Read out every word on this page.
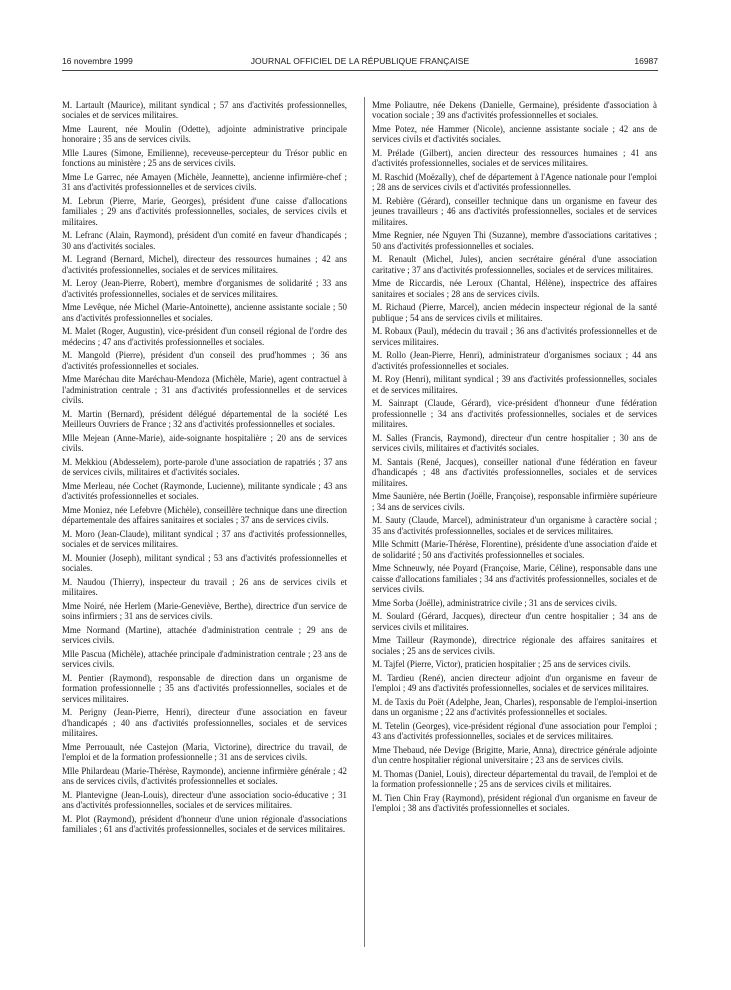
16 novembre 1999	JOURNAL OFFICIEL DE LA RÉPUBLIQUE FRANÇAISE	16987
M. Lartault (Maurice), militant syndical ; 57 ans d'activités professionnelles, sociales et de services militaires.
Mme Laurent, née Moulin (Odette), adjointe administrative principale honoraire ; 35 ans de services civils.
Mlle Laures (Simone, Emilienne), receveuse-percepteur du Trésor public en fonctions au ministère ; 25 ans de services civils.
Mme Le Garrec, née Amayen (Michèle, Jeannette), ancienne infirmière-chef ; 31 ans d'activités professionnelles et de services civils.
M. Lebrun (Pierre, Marie, Georges), président d'une caisse d'allocations familiales ; 29 ans d'activités professionnelles, sociales, de services civils et militaires.
M. Lefranc (Alain, Raymond), président d'un comité en faveur d'handicapés ; 30 ans d'activités sociales.
M. Legrand (Bernard, Michel), directeur des ressources humaines ; 42 ans d'activités professionnelles, sociales et de services militaires.
M. Leroy (Jean-Pierre, Robert), membre d'organismes de solidarité ; 33 ans d'activités professionnelles, sociales et de services militaires.
Mme Levêque, née Michel (Marie-Antoinette), ancienne assistante sociale ; 50 ans d'activités professionnelles et sociales.
M. Malet (Roger, Augustin), vice-président d'un conseil régional de l'ordre des médecins ; 47 ans d'activités professionnelles et sociales.
M. Mangold (Pierre), président d'un conseil des prud'hommes ; 36 ans d'activités professionnelles et sociales.
Mme Maréchau dite Maréchau-Mendoza (Michèle, Marie), agent contractuel à l'administration centrale ; 31 ans d'activités professionnelles et de services civils.
M. Martin (Bernard), président délégué départemental de la société Les Meilleurs Ouvriers de France ; 32 ans d'activités professionnelles et sociales.
Mlle Mejean (Anne-Marie), aide-soignante hospitalière ; 20 ans de services civils.
M. Mekkiou (Abdesselem), porte-parole d'une association de rapatriés ; 37 ans de services civils, militaires et d'activités sociales.
Mme Merleau, née Cochet (Raymonde, Lucienne), militante syndicale ; 43 ans d'activités professionnelles et sociales.
Mme Moniez, née Lefebvre (Michèle), conseillère technique dans une direction départementale des affaires sanitaires et sociales ; 37 ans de services civils.
M. Moro (Jean-Claude), militant syndical ; 37 ans d'activités professionnelles, sociales et de services militaires.
M. Mounier (Joseph), militant syndical ; 53 ans d'activités professionnelles et sociales.
M. Naudou (Thierry), inspecteur du travail ; 26 ans de services civils et militaires.
Mme Noiré, née Herlem (Marie-Geneviève, Berthe), directrice d'un service de soins infirmiers ; 31 ans de services civils.
Mme Normand (Martine), attachée d'administration centrale ; 29 ans de services civils.
Mlle Pascua (Michèle), attachée principale d'administration centrale ; 23 ans de services civils.
M. Pentier (Raymond), responsable de direction dans un organisme de formation professionnelle ; 35 ans d'activités professionnelles, sociales et de services militaires.
M. Perigny (Jean-Pierre, Henri), directeur d'une association en faveur d'handicapés ; 40 ans d'activités professionnelles, sociales et de services militaires.
Mme Perrouault, née Castejon (Maria, Victorine), directrice du travail, de l'emploi et de la formation professionnelle ; 31 ans de services civils.
Mlle Philardeau (Marie-Thérèse, Raymonde), ancienne infirmière générale ; 42 ans de services civils, d'activités professionnelles et sociales.
M. Plantevigne (Jean-Louis), directeur d'une association socio-éducative ; 31 ans d'activités professionnelles, sociales et de services militaires.
M. Plot (Raymond), président d'honneur d'une union régionale d'associations familiales ; 61 ans d'activités professionnelles, sociales et de services militaires.
Mme Poliautre, née Dekens (Danielle, Germaine), présidente d'association à vocation sociale ; 39 ans d'activités professionnelles et sociales.
Mme Potez, née Hammer (Nicole), ancienne assistante sociale ; 42 ans de services civils et d'activités sociales.
M. Prélade (Gilbert), ancien directeur des ressources humaines ; 41 ans d'activités professionnelles, sociales et de services militaires.
M. Raschid (Moëzally), chef de département à l'Agence nationale pour l'emploi ; 28 ans de services civils et d'activités professionnelles.
M. Rebière (Gérard), conseiller technique dans un organisme en faveur des jeunes travailleurs ; 46 ans d'activités professionnelles, sociales et de services militaires.
Mme Regnier, née Nguyen Thi (Suzanne), membre d'associations caritatives ; 50 ans d'activités professionnelles et sociales.
M. Renault (Michel, Jules), ancien secrétaire général d'une association caritative ; 37 ans d'activités professionnelles, sociales et de services militaires.
Mme de Riccardis, née Leroux (Chantal, Hélène), inspectrice des affaires sanitaires et sociales ; 28 ans de services civils.
M. Richaud (Pierre, Marcel), ancien médecin inspecteur régional de la santé publique ; 54 ans de services civils et militaires.
M. Robaux (Paul), médecin du travail ; 36 ans d'activités professionnelles et de services militaires.
M. Rollo (Jean-Pierre, Henri), administrateur d'organismes sociaux ; 44 ans d'activités professionnelles et sociales.
M. Roy (Henri), militant syndical ; 39 ans d'activités professionnelles, sociales et de services militaires.
M. Sainrapt (Claude, Gérard), vice-président d'honneur d'une fédération professionnelle ; 34 ans d'activités professionnelles, sociales et de services militaires.
M. Salles (Francis, Raymond), directeur d'un centre hospitalier ; 30 ans de services civils, militaires et d'activités sociales.
M. Santais (René, Jacques), conseiller national d'une fédération en faveur d'handicapés ; 48 ans d'activités professionnelles, sociales et de services militaires.
Mme Saunière, née Bertin (Joëlle, Françoise), responsable infirmière supérieure ; 34 ans de services civils.
M. Sauty (Claude, Marcel), administrateur d'un organisme à caractère social ; 35 ans d'activités professionnelles, sociales et de services militaires.
Mlle Schmitt (Marie-Thérèse, Florentine), présidente d'une association d'aide et de solidarité ; 50 ans d'activités professionnelles et sociales.
Mme Schneuwly, née Poyard (Françoise, Marie, Céline), responsable dans une caisse d'allocations familiales ; 34 ans d'activités professionnelles, sociales et de services civils.
Mme Sorba (Joëlle), administratrice civile ; 31 ans de services civils.
M. Soulard (Gérard, Jacques), directeur d'un centre hospitalier ; 34 ans de services civils et militaires.
Mme Tailleur (Raymonde), directrice régionale des affaires sanitaires et sociales ; 25 ans de services civils.
M. Tajfel (Pierre, Victor), praticien hospitalier ; 25 ans de services civils.
M. Tardieu (René), ancien directeur adjoint d'un organisme en faveur de l'emploi ; 49 ans d'activités professionnelles, sociales et de services militaires.
M. de Taxis du Poët (Adelphe, Jean, Charles), responsable de l'emploi-insertion dans un organisme ; 22 ans d'activités professionnelles et sociales.
M. Tetelin (Georges), vice-président régional d'une association pour l'emploi ; 43 ans d'activités professionnelles, sociales et de services militaires.
Mme Thebaud, née Devige (Brigitte, Marie, Anna), directrice générale adjointe d'un centre hospitalier régional universitaire ; 23 ans de services civils.
M. Thomas (Daniel, Louis), directeur départemental du travail, de l'emploi et de la formation professionnelle ; 25 ans de services civils et militaires.
M. Tien Chin Fray (Raymond), président régional d'un organisme en faveur de l'emploi ; 38 ans d'activités professionnelles et sociales.
